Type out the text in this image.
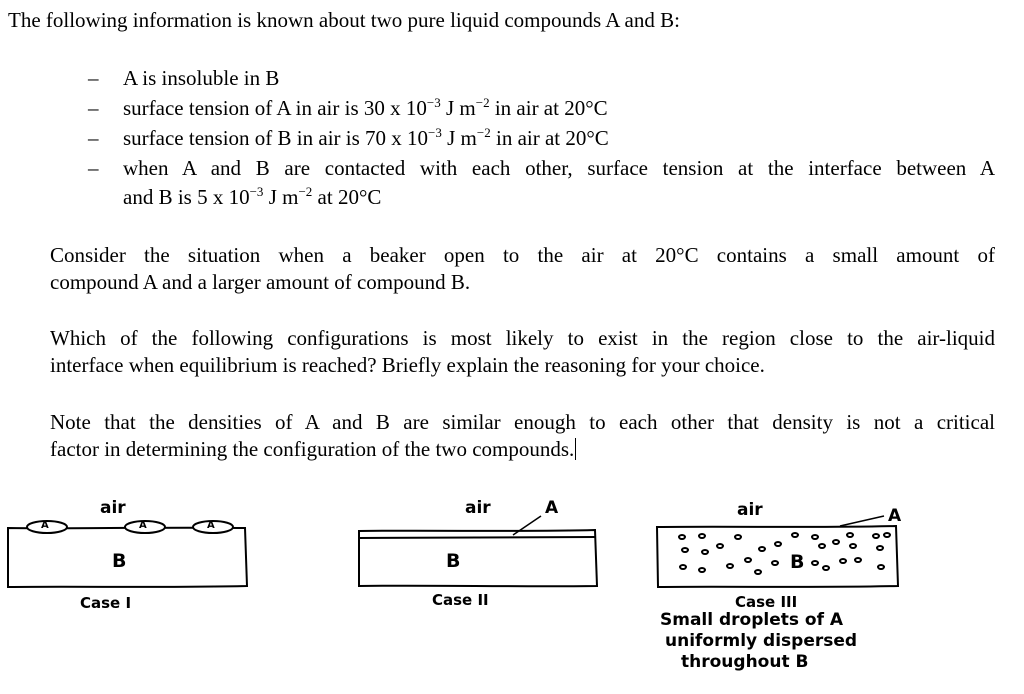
The following information is known about two pure liquid compounds A and B:
– A is insoluble in B
– surface tension of A in air is 30 x $10^{-3}$ J $m^{-2}$ in air at 20°C
– surface tension of B in air is 70 x $10^{-3}$ J $m^{-2}$ in air at 20°C
– when A and B are contacted with each other, surface tension at the interface between A
and B is 5 x $10^{-3}$ J $m^{-2}$ at 20°C
Consider the situation when a beaker open to the air at 20°C contains a small amount of
compound A and a larger amount of compound B.
Which of the following configurations is most likely to exist in the region close to the air-liquid
interface when equilibrium is reached? Briefly explain the reasoning for your choice.
Note that the densities of A and B are similar enough to each other that density is not a critical
factor in determining the configuration of the two compounds.
air
A	A	A
B
Case I
air	A
B
Case II
air	A
B
Case III
Small droplets of A
uniformly dispersed
throughout B
